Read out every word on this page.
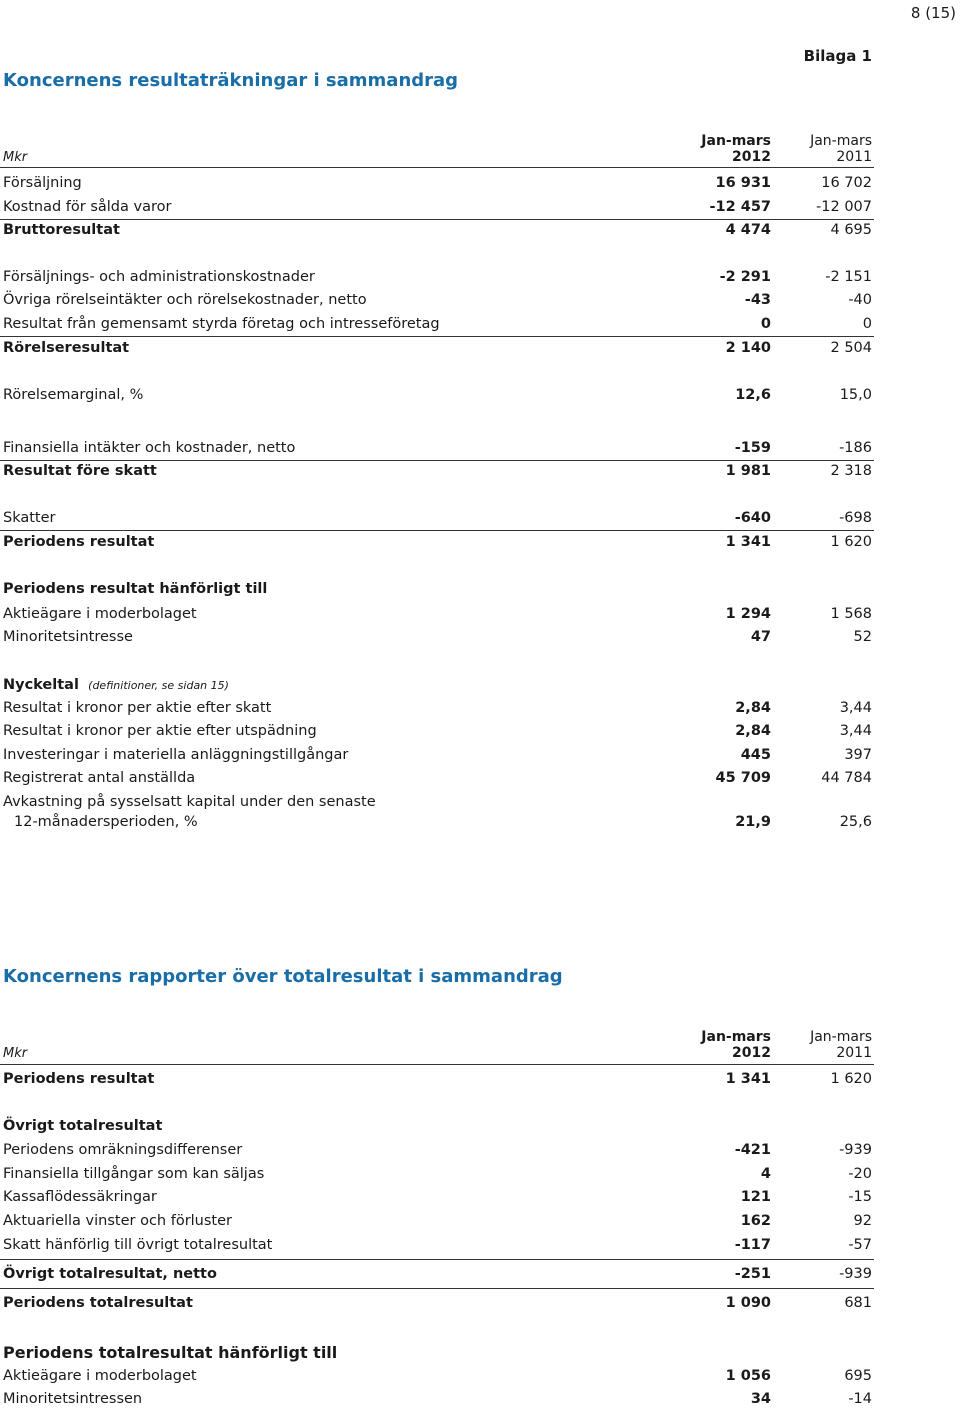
8 (15)
Bilaga 1
Koncernens resultaträkningar i sammandrag
Jan-mars	Jan-mars
Mkr	2012	2011
Försäljning	16 931	16 702
Kostnad för sålda varor	-12 457	-12 007
Bruttoresultat	4 474	4 695
Försäljnings- och administrationskostnader	-2 291	-2 151
Övriga rörelseintäkter och rörelsekostnader, netto	-43	-40
Resultat från gemensamt styrda företag och intresseföretag	0	0
Rörelseresultat	2 140	2 504
Rörelsemarginal, %	12,6	15,0
Finansiella intäkter och kostnader, netto	-159	-186
Resultat före skatt	1 981	2 318
Skatter	-640	-698
Periodens resultat	1 341	1 620
Periodens resultat hänförligt till
Aktieägare i moderbolaget	1 294	1 568
Minoritetsintresse	47	52
Nyckeltal (definitioner, se sidan 15)
Resultat i kronor per aktie efter skatt	2,84	3,44
Resultat i kronor per aktie efter utspädning	2,84	3,44
Investeringar i materiella anläggningstillgångar	445	397
Registrerat antal anställda	45 709	44 784
Avkastning på sysselsatt kapital under den senaste
12-månadersperioden, %	21,9	25,6
Koncernens rapporter över totalresultat i sammandrag
Jan-mars	Jan-mars
Mkr	2012	2011
Periodens resultat	1 341	1 620
Övrigt totalresultat
Periodens omräkningsdifferenser	-421	-939
Finansiella tillgångar som kan säljas	4	-20
Kassaflödessäkringar	121	-15
Aktuariella vinster och förluster	162	92
Skatt hänförlig till övrigt totalresultat	-117	-57
Övrigt totalresultat, netto	-251	-939
Periodens totalresultat	1 090	681
Periodens totalresultat hänförligt till
Aktieägare i moderbolaget	1 056	695
Minoritetsintressen	34	-14
